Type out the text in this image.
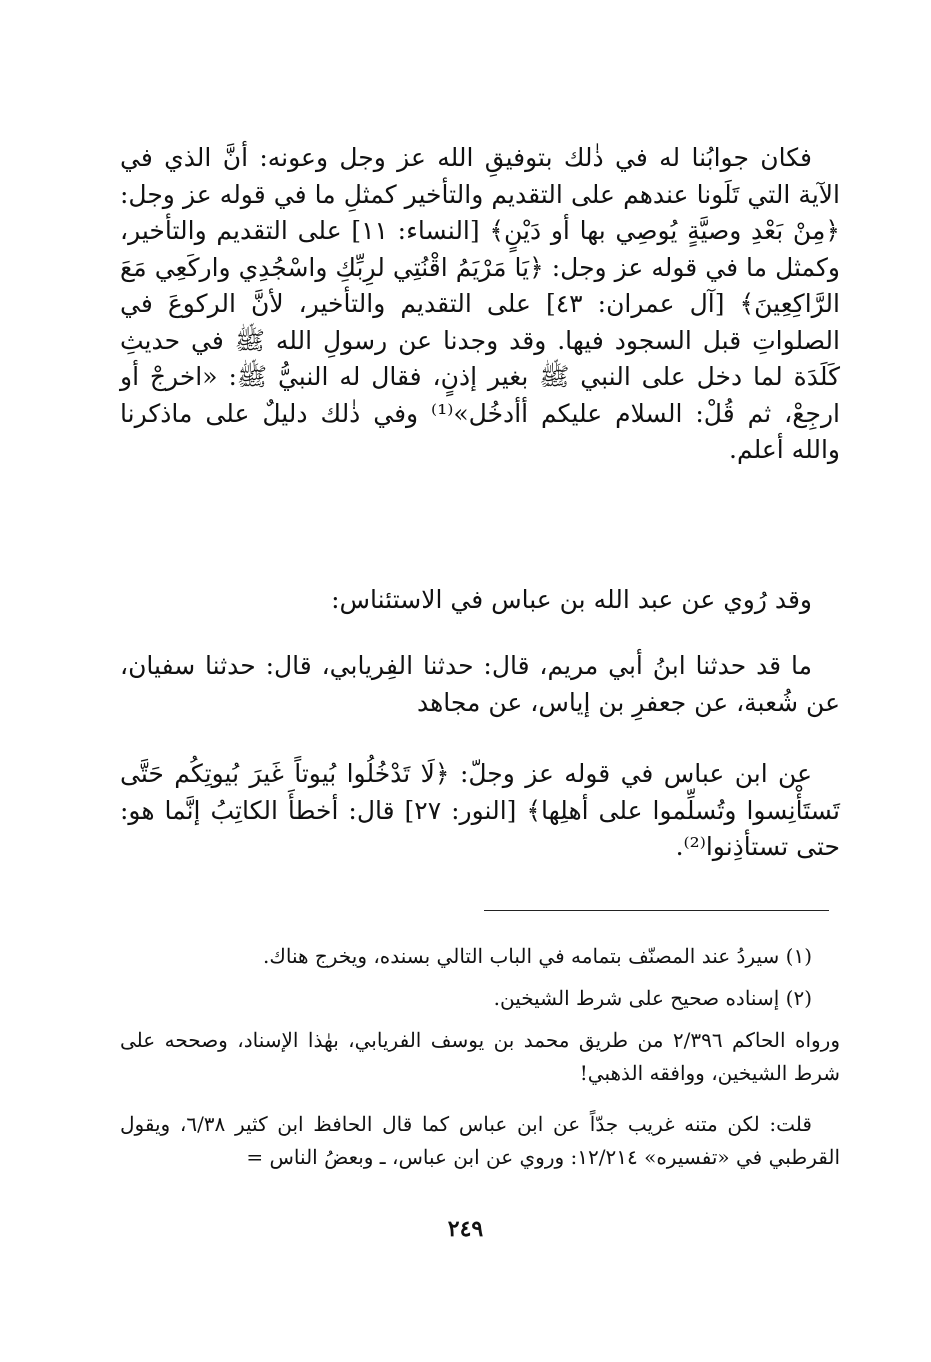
فكان جوابُنا له في ذٰلك بتوفيقِ الله عز وجل وعونه: أنَّ الذي في الآية التي تَلَونا عندهم على التقديم والتأخير كمثلِ ما في قوله عز وجل: ﴿مِنْ بَعْدِ وصيَّةٍ يُوصِي بها أو دَيْنٍ﴾ [النساء: ١١] على التقديم والتأخير، وكمثل ما في قوله عز وجل: ﴿يَا مَرْيَمُ اقْنُتِي لرِبِّكِ واسْجُدِي واركَعِي مَعَ الرَّاكِعِينَ﴾ [آل عمران: ٤٣] على التقديم والتأخير، لأنَّ الركوعَ في الصلواتِ قبل السجود فيها. وقد وجدنا عن رسولِ الله ﷺ في حديثِ كَلَدَة لما دخل على النبي ﷺ بغير إذنٍ، فقال له النبيُّ ﷺ: «اخرجْ أو ارجِعْ، ثم قُلْ: السلام عليكم أأدخُل»⁽¹⁾ وفي ذٰلك دليلٌ على ماذكرنا والله أعلم.

وقد رُوي عن عبد الله بن عباس في الاستئناس:

ما قد حدثنا ابنُ أبي مريم، قال: حدثنا الفِريابي، قال: حدثنا سفيان، عن شُعبة، عن جعفرِ بن إياس، عن مجاهد

عن ابن عباس في قوله عز وجلّ: ﴿لَا تَدْخُلُوا بُيوتاً غَيرَ بُيوتِكُم حَتَّى تَستَأْنِسوا وتُسلِّموا على أهلِها﴾ [النور: ٢٧] قال: أخطأَ الكاتِبُ إنَّما هو: حتى تستأذِنوا⁽²⁾.

(١) سيردُ عند المصنّف بتمامه في الباب التالي بسنده، ويخرج هناك.

(٢) إسناده صحيح على شرط الشيخين.

ورواه الحاكم ٢/٣٩٦ من طريق محمد بن يوسف الفريابي، بهٰذا الإسناد، وصححه على شرط الشيخين، ووافقه الذهبي!

قلت: لكن متنه غريب جدّاً عن ابن عباس كما قال الحافظ ابن كثير ٦/٣٨، ويقول القرطبي في «تفسيره» ١٢/٢١٤: وروي عن ابن عباس، ـ وبعضُ الناس =

٢٤٩
